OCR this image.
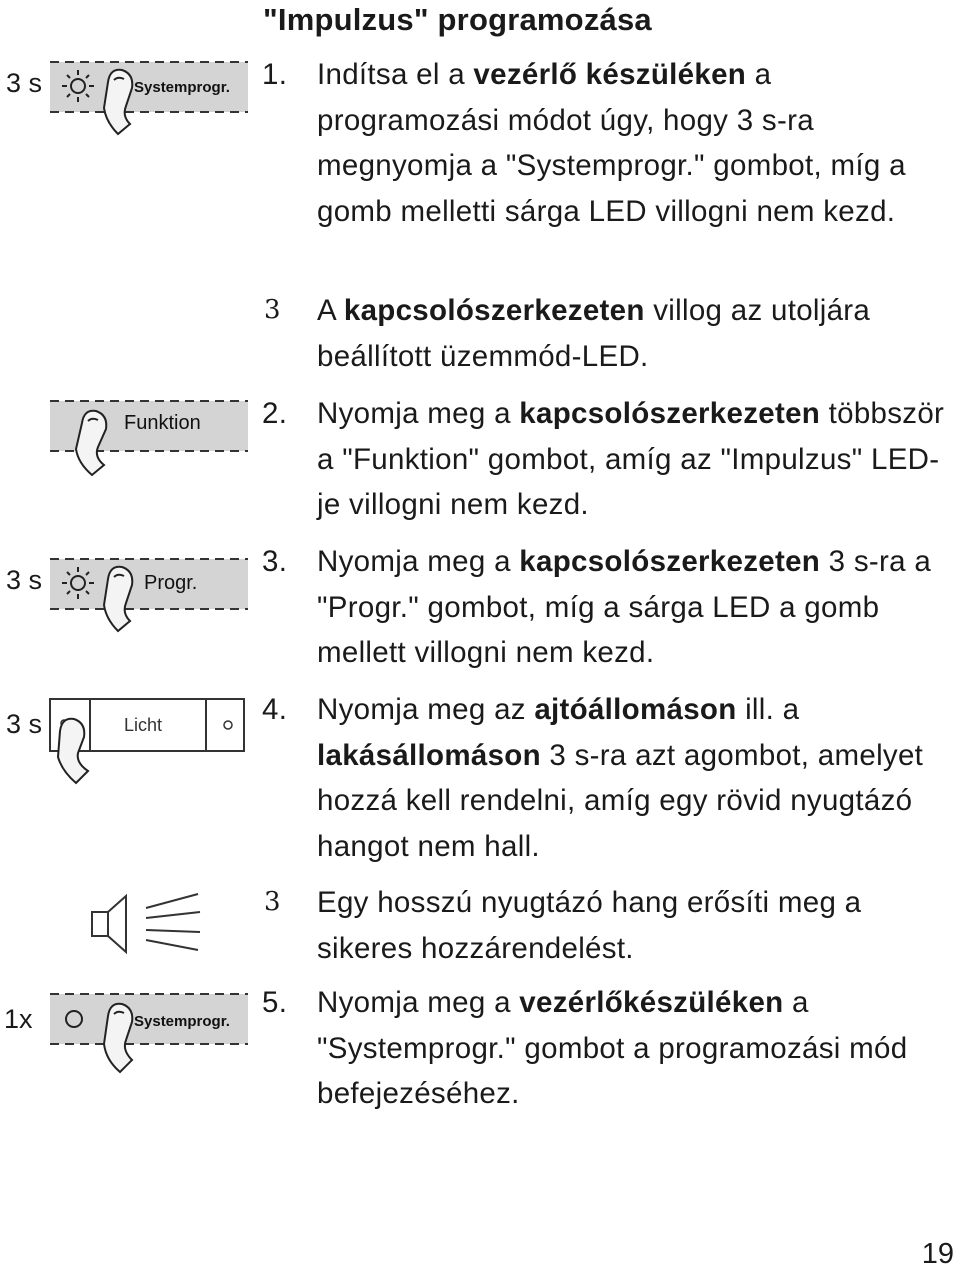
"Impulzus" programozása
1. Indítsa el a vezérlő készüléken a programozási módot úgy, hogy 3 s-ra megnyomja a "Systemprogr." gombot, míg a gomb melletti sárga LED villogni nem kezd.
3 A kapcsolószerkezeten villog az utoljára beállított üzemmód-LED.
2. Nyomja meg a kapcsolószerkezeten többször a "Funktion" gombot, amíg az "Impulzus" LED-je villogni nem kezd.
3. Nyomja meg a kapcsolószerkezeten 3 s-ra a "Progr." gombot, míg a sárga LED a gomb mellett villogni nem kezd.
4. Nyomja meg az ajtóállomáson ill. a lakásállomáson 3 s-ra azt agombot, amelyet hozzá kell rendelni, amíg egy rövid nyugtázó hangot nem hall.
3 Egy hosszú nyugtázó hang erősíti meg a sikeres hozzárendelést.
5. Nyomja meg a vezérlőkészüléken a "Systemprogr." gombot a programozási mód befejezéséhez.
3 s	Systemprogr.
Funktion
3 s	Progr.
3 s	Licht
1x	Systemprogr.
19
